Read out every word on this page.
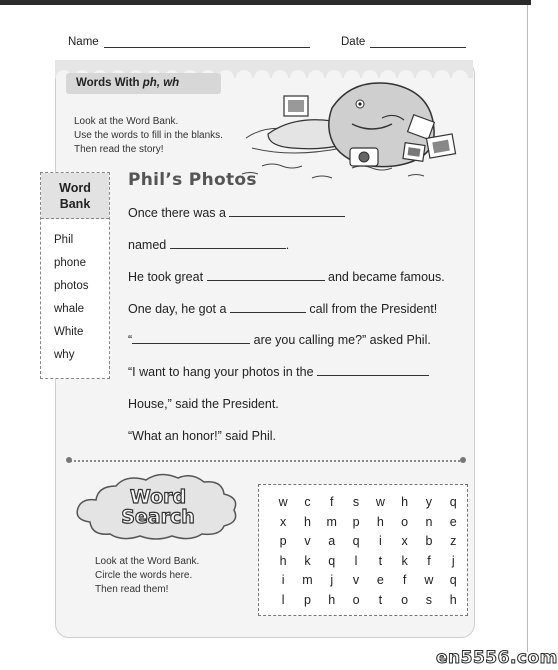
Name	Date
Words With ph, wh
Look at the Word Bank.
Use the words to fill in the blanks.
Then read the story!
Word
Bank
Phil
phone
photos
whale
White
why
Phil’s Photos
Once there was a
named	.
He took great	and became famous.
One day, he got a	call from the President!
“	are you calling me?” asked Phil.
“I want to hang your photos in the
House,” said the President.
“What an honor!” said Phil.
Word
Search
Look at the Word Bank.
Circle the words here.
Then read them!
w c f s w h y q
x h m p h o n e
p v a q i x b z
h k q l t k f j
i m j v e f w q
l p h o t o s h
en5556.com
